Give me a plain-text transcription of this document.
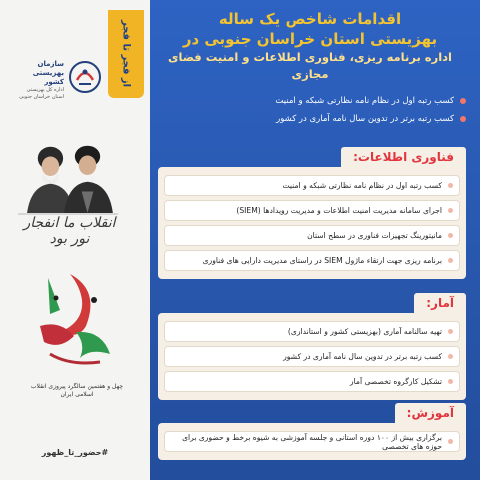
از فجر تا فجر
سازمان بهزیستی کشور
اداره کل بهزیستی استان خراسان جنوبی
انقلاب ما انفجار نور بود
چهل و هفتمین سالگرد پیروزی انقلاب اسلامی ایران
#حضور_تا_ظهور
اقدامات شاخص یک ساله
بهزیستی استان خراسان جنوبی در
اداره برنامه ریزی، فناوری اطلاعات و امنیت فضای مجازی
کسب رتبه اول در نظام نامه نظارتی شبکه و امنیت
کسب رتبه برتر در تدوین سال نامه آماری در کشور
فناوری اطلاعات:
کسب رتبه اول در نظام نامه نظارتی شبکه و امنیت
اجرای سامانه مدیریت امنیت اطلاعات و مدیریت رویدادها (SIEM)
مانیتورینگ تجهیزات فناوری در سطح استان
برنامه ریزی جهت ارتقاء ماژول SIEM در راستای مدیریت دارایی های فناوری
آمار:
تهیه سالنامه آماری (بهزیستی کشور و استانداری)
کسب رتبه برتر در تدوین سال نامه آماری در کشور
تشکیل کارگروه تخصصی آمار
آموزش:
برگزاری بیش از ۱۰۰ دوره استانی و جلسه آموزشی به شیوه برخط و حضوری برای حوزه های تخصصی
